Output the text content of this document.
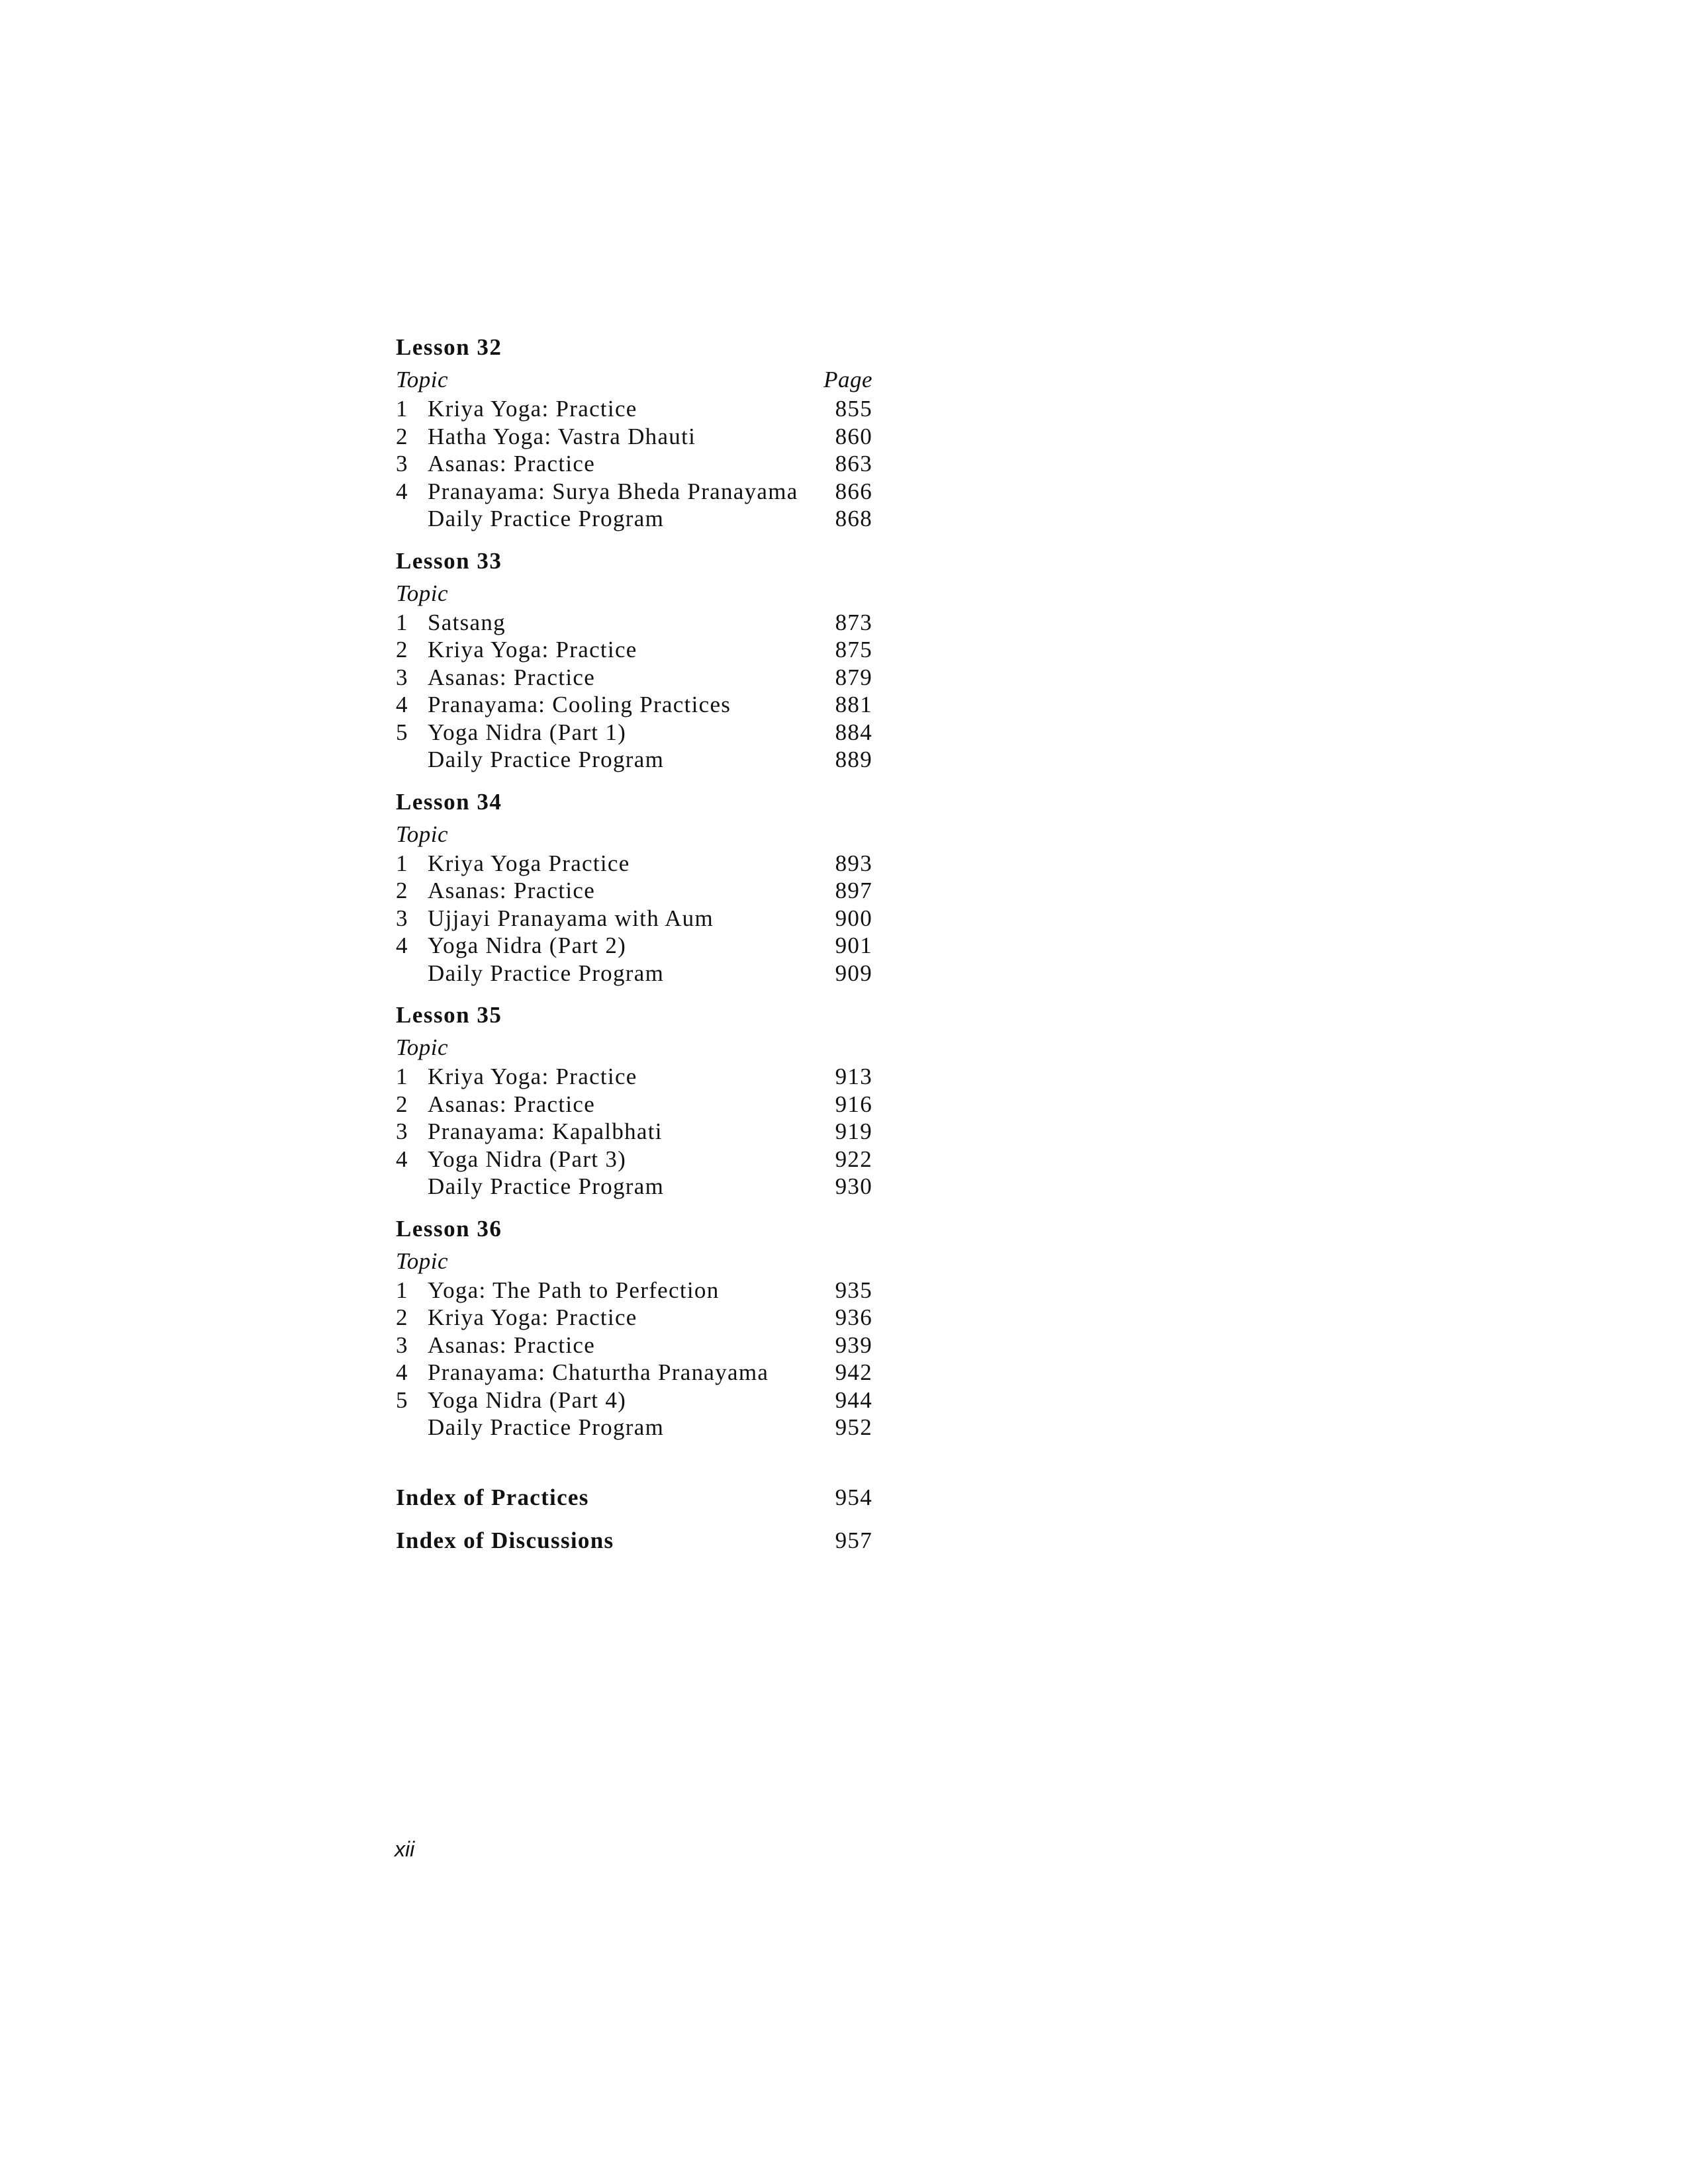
Lesson 32
Topic	Page
1 Kriya Yoga: Practice	855
2 Hatha Yoga: Vastra Dhauti	860
3 Asanas: Practice	863
4 Pranayama: Surya Bheda Pranayama	866
Daily Practice Program	868
Lesson 33
Topic
1 Satsang	873
2 Kriya Yoga: Practice	875
3 Asanas: Practice	879
4 Pranayama: Cooling Practices	881
5 Yoga Nidra (Part 1)	884
Daily Practice Program	889
Lesson 34
Topic
1 Kriya Yoga Practice	893
2 Asanas: Practice	897
3 Ujjayi Pranayama with Aum	900
4 Yoga Nidra (Part 2)	901
Daily Practice Program	909
Lesson 35
Topic
1 Kriya Yoga: Practice	913
2 Asanas: Practice	916
3 Pranayama: Kapalbhati	919
4 Yoga Nidra (Part 3)	922
Daily Practice Program	930
Lesson 36
Topic
1 Yoga: The Path to Perfection	935
2 Kriya Yoga: Practice	936
3 Asanas: Practice	939
4 Pranayama: Chaturtha Pranayama	942
5 Yoga Nidra (Part 4)	944
Daily Practice Program	952
Index of Practices	954
Index of Discussions	957
xii
